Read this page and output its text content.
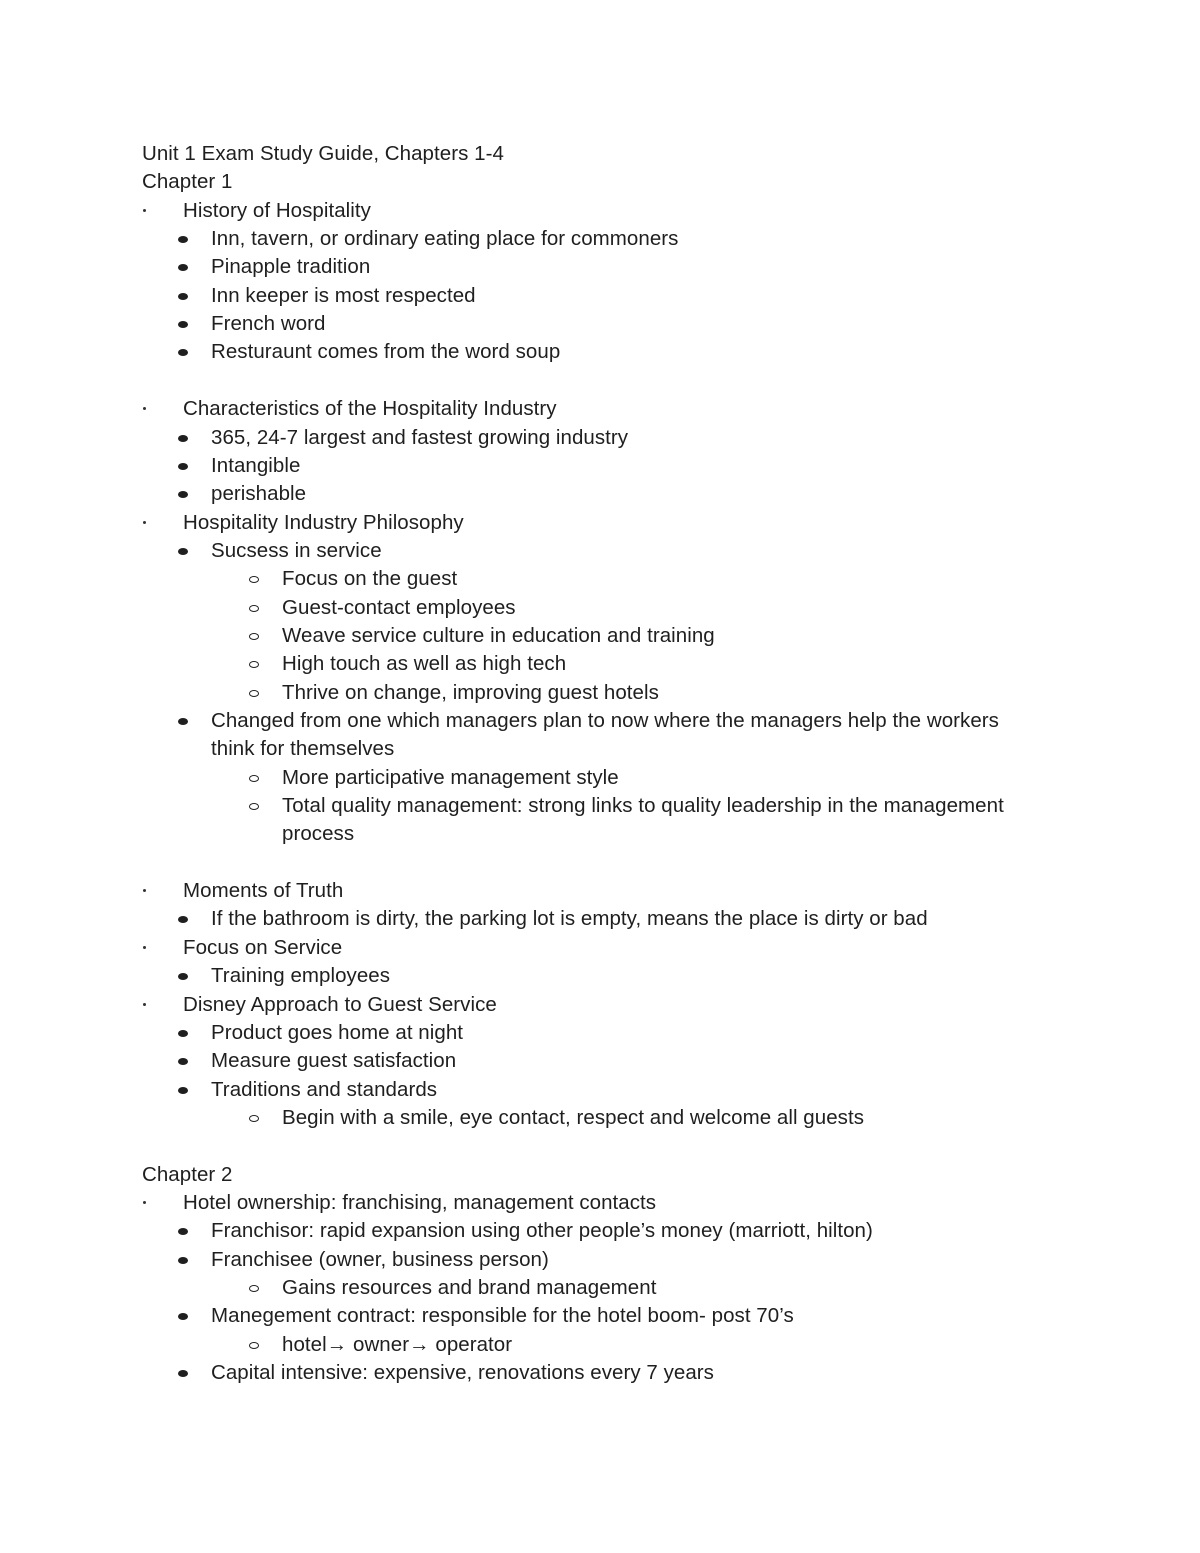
Unit 1 Exam Study Guide, Chapters 1-4
Chapter 1
History of Hospitality
Inn, tavern, or ordinary eating place for commoners
Pinapple tradition
Inn keeper is most respected
French word
Resturaunt comes from the word soup
Characteristics of the Hospitality Industry
365, 24-7 largest and fastest growing industry
Intangible
perishable
Hospitality Industry Philosophy
Sucsess in service
Focus on the guest
Guest-contact employees
Weave service culture in education and training
High touch as well as high tech
Thrive on change, improving guest hotels
Changed from one which managers plan to now where the managers help the workers
think for themselves
More participative management style
Total quality management: strong links to quality leadership in the management
process
Moments of Truth
If the bathroom is dirty, the parking lot is empty, means the place is dirty or bad
Focus on Service
Training employees
Disney Approach to Guest Service
Product goes home at night
Measure guest satisfaction
Traditions and standards
Begin with a smile, eye contact, respect and welcome all guests
Chapter 2
Hotel ownership: franchising, management contacts
Franchisor: rapid expansion using other people’s money (marriott, hilton)
Franchisee (owner, business person)
Gains resources and brand management
Manegement contract: responsible for the hotel boom- post 70’s
hotel→ owner→ operator
Capital intensive: expensive, renovations every 7 years
